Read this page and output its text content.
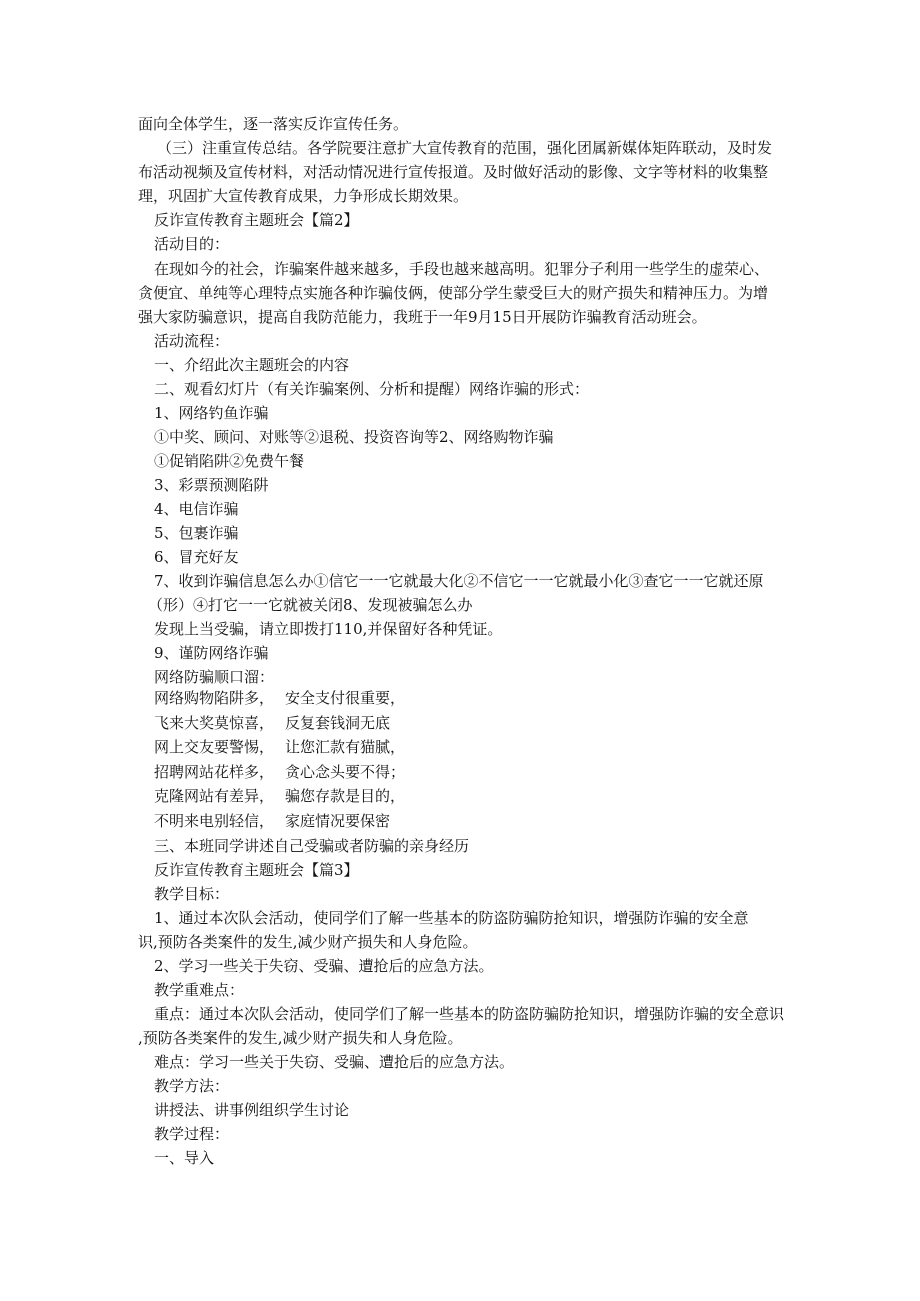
面向全体学生，逐一落实反诈宣传任务。
（三）注重宣传总结。各学院要注意扩大宣传教育的范围，强化团属新媒体矩阵联动，及时发
布活动视频及宣传材料，对活动情况进行宣传报道。及时做好活动的影像、文字等材料的收集整
理，巩固扩大宣传教育成果，力争形成长期效果。
反诈宣传教育主题班会【篇2】
活动目的：
在现如今的社会，诈骗案件越来越多，手段也越来越高明。犯罪分子利用一些学生的虚荣心、
贪便宜、单纯等心理特点实施各种诈骗伎俩，使部分学生蒙受巨大的财产损失和精神压力。为增
强大家防骗意识，提高自我防范能力，我班于一年9月15日开展防诈骗教育活动班会。
活动流程：
一、介绍此次主题班会的内容
二、观看幻灯片（有关诈骗案例、分析和提醒）网络诈骗的形式：
1、网络钓鱼诈骗
①中奖、顾问、对账等②退税、投资咨询等2、网络购物诈骗
①促销陷阱②免费午餐
3、彩票预测陷阱
4、电信诈骗
5、包裹诈骗
6、冒充好友
7、收到诈骗信息怎么办①信它一一它就最大化②不信它一一它就最小化③查它一一它就还原
（形）④打它一一它就被关闭8、发现被骗怎么办
发现上当受骗，请立即拨打110,并保留好各种凭证。
9、谨防网络诈骗
网络防骗顺口溜：
网络购物陷阱多， 安全支付很重要，
飞来大奖莫惊喜， 反复套钱洞无底
网上交友要警惕， 让您汇款有猫腻，
招聘网站花样多， 贪心念头要不得；
克隆网站有差异， 骗您存款是目的，
不明来电别轻信， 家庭情况要保密
三、本班同学讲述自己受骗或者防骗的亲身经历
反诈宣传教育主题班会【篇3】
教学目标：
1、通过本次队会活动，使同学们了解一些基本的防盗防骗防抢知识，增强防诈骗的安全意
识,预防各类案件的发生,减少财产损失和人身危险。
2、学习一些关于失窃、受骗、遭抢后的应急方法。
教学重难点：
重点：通过本次队会活动，使同学们了解一些基本的防盗防骗防抢知识，增强防诈骗的安全意识
,预防各类案件的发生,减少财产损失和人身危险。
难点：学习一些关于失窃、受骗、遭抢后的应急方法。
教学方法：
讲授法、讲事例组织学生讨论
教学过程：
一、导入
